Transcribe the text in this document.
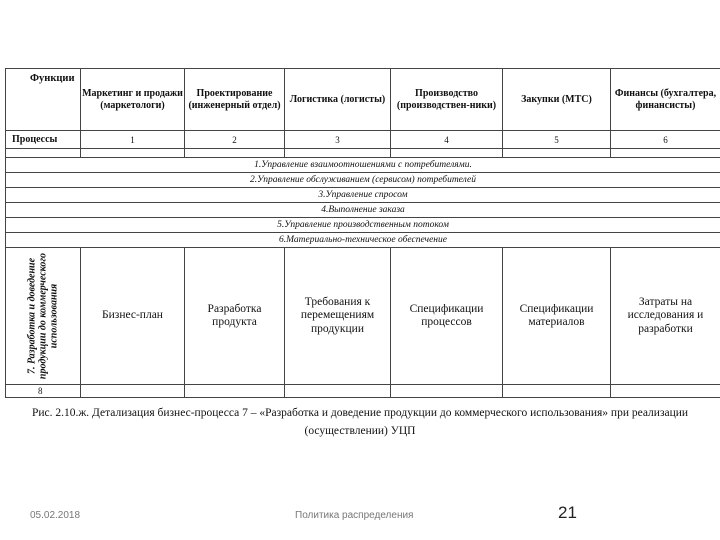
Функции	Маркетинг и продажи (маркетологи)	Проектирование (инженерный отдел)	Логистика (логисты)	Производство (производствен-ники)	Закупки (МТС)	Финансы (бухгалтера, финансисты)
Процессы	1	2	3	4	5	6

1.Управление взаимоотношениями с потребителями.						
2.Управление обслуживанием (сервисом) потребителей						
3.Управление спросом						
4.Выполнение заказа						
5.Управление производственным потоком						
6.Материально-техническое обеспечение						

7. Разработка и доведение продукции до коммерческого использования	Бизнес-план	Разработка продукта	Требования к перемещениям продукции	Спецификации процессов	Спецификации материалов	Затраты на исследования и разработки
8						
Рис. 2.10.ж. Детализация бизнес-процесса 7 – «Разработка и доведение продукции до коммерческого использования» при реализации (осуществлении) УЦП
05.02.2018	Политика распределения	21
